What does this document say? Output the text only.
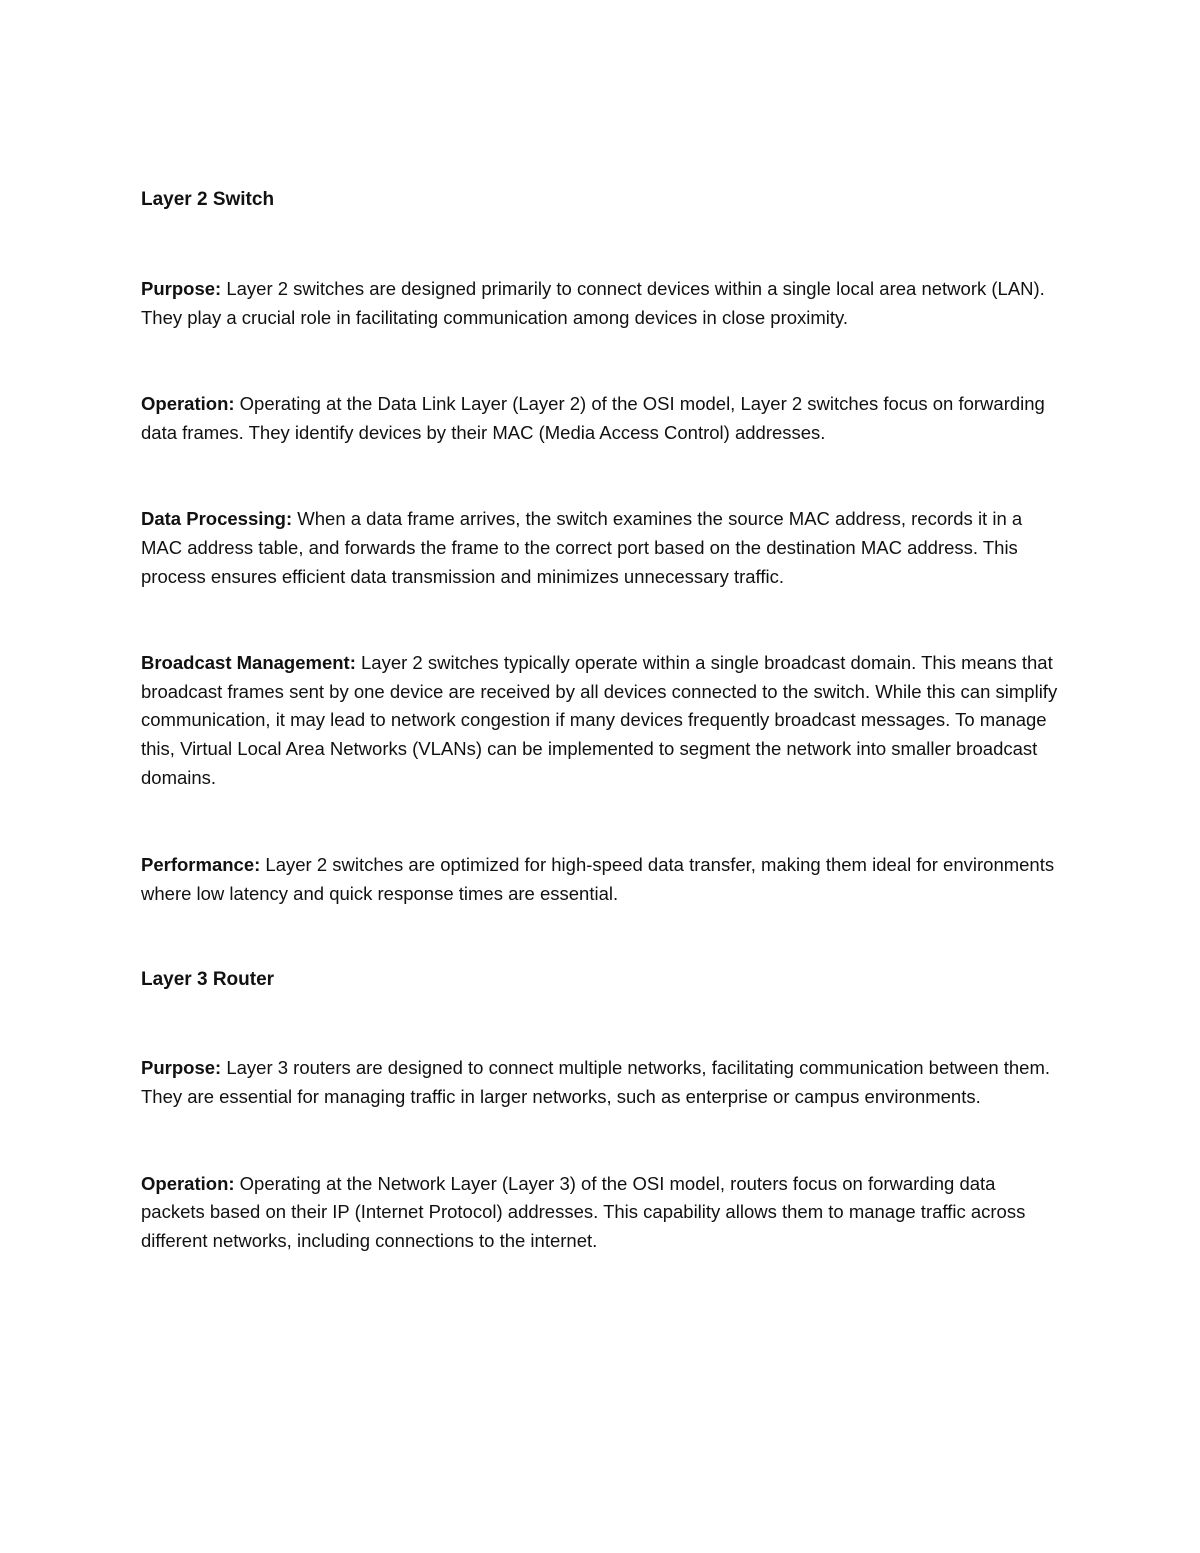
Layer 2 Switch

Purpose: Layer 2 switches are designed primarily to connect devices within a single local area network (LAN). They play a crucial role in facilitating communication among devices in close proximity.

Operation: Operating at the Data Link Layer (Layer 2) of the OSI model, Layer 2 switches focus on forwarding data frames. They identify devices by their MAC (Media Access Control) addresses.

Data Processing: When a data frame arrives, the switch examines the source MAC address, records it in a MAC address table, and forwards the frame to the correct port based on the destination MAC address. This process ensures efficient data transmission and minimizes unnecessary traffic.

Broadcast Management: Layer 2 switches typically operate within a single broadcast domain. This means that broadcast frames sent by one device are received by all devices connected to the switch. While this can simplify communication, it may lead to network congestion if many devices frequently broadcast messages. To manage this, Virtual Local Area Networks (VLANs) can be implemented to segment the network into smaller broadcast domains.

Performance: Layer 2 switches are optimized for high-speed data transfer, making them ideal for environments where low latency and quick response times are essential.

Layer 3 Router

Purpose: Layer 3 routers are designed to connect multiple networks, facilitating communication between them. They are essential for managing traffic in larger networks, such as enterprise or campus environments.

Operation: Operating at the Network Layer (Layer 3) of the OSI model, routers focus on forwarding data packets based on their IP (Internet Protocol) addresses. This capability allows them to manage traffic across different networks, including connections to the internet.
